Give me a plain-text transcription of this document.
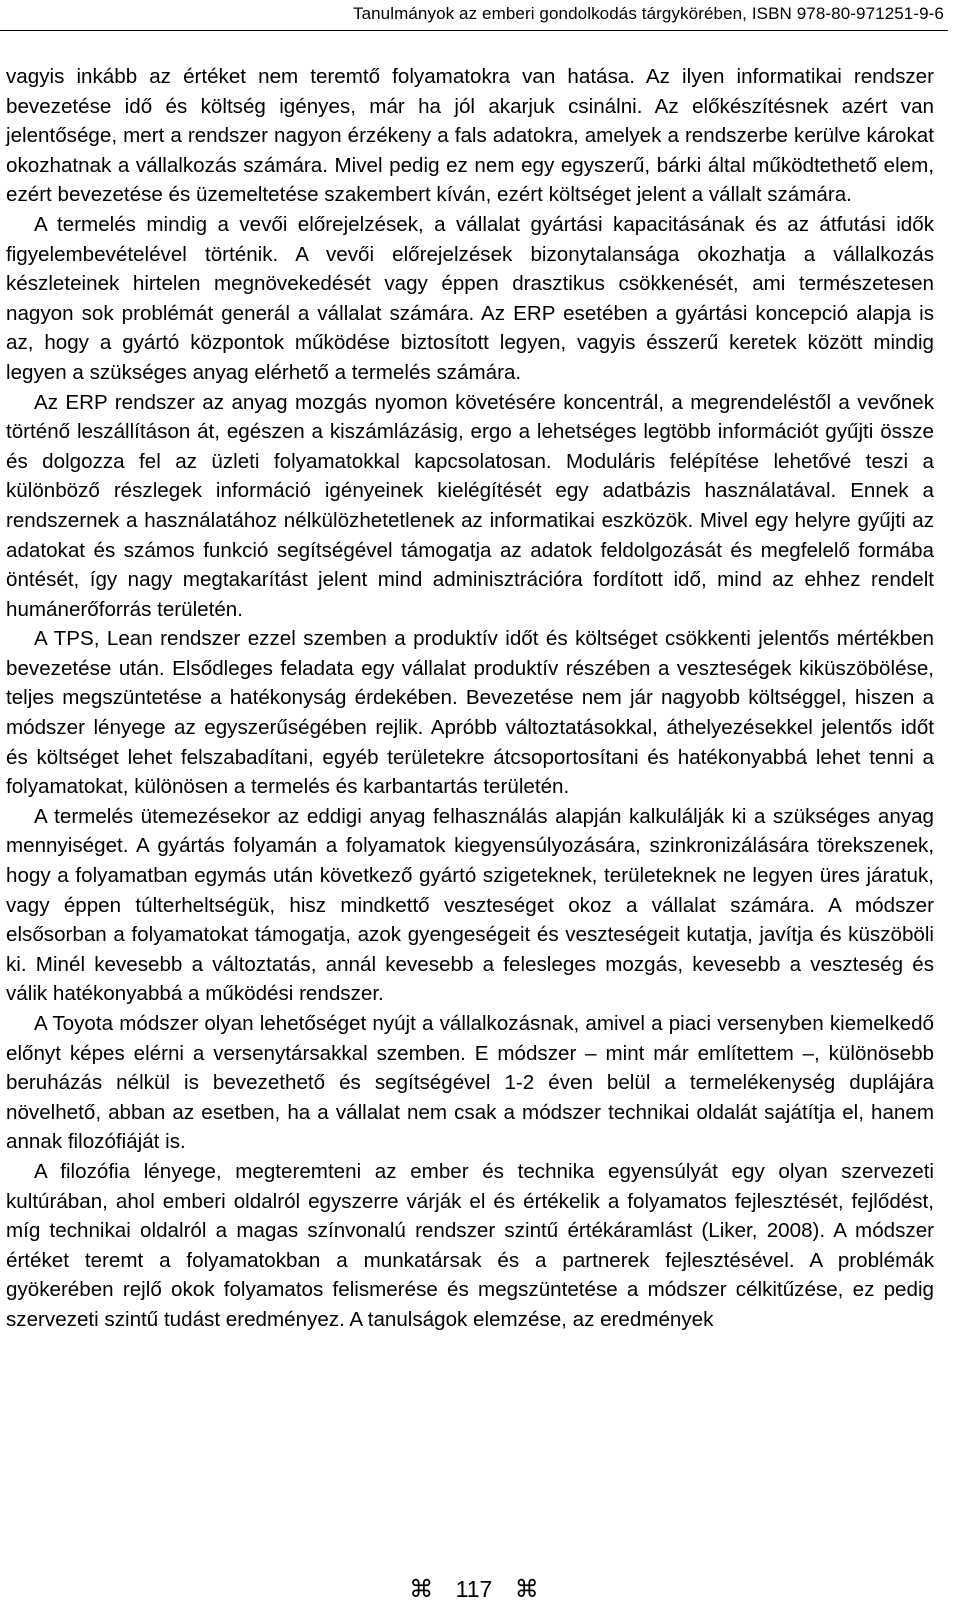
Tanulmányok az emberi gondolkodás tárgykörében, ISBN 978-80-971251-9-6

vagyis inkább az értéket nem teremtő folyamatokra van hatása. Az ilyen informatikai rendszer bevezetése idő és költség igényes, már ha jól akarjuk csinálni. Az előkészítésnek azért van jelentősége, mert a rendszer nagyon érzékeny a fals adatokra, amelyek a rendszerbe kerülve károkat okozhatnak a vállalkozás számára. Mivel pedig ez nem egy egyszerű, bárki által működtethető elem, ezért bevezetése és üzemeltetése szakembert kíván, ezért költséget jelent a vállalt számára.

A termelés mindig a vevői előrejelzések, a vállalat gyártási kapacitásának és az átfutási idők figyelembevételével történik. A vevői előrejelzések bizonytalansága okozhatja a vállalkozás készleteinek hirtelen megnövekedését vagy éppen drasztikus csökkenését, ami természetesen nagyon sok problémát generál a vállalat számára. Az ERP esetében a gyártási koncepció alapja is az, hogy a gyártó központok működése biztosított legyen, vagyis ésszerű keretek között mindig legyen a szükséges anyag elérhető a termelés számára.

Az ERP rendszer az anyag mozgás nyomon követésére koncentrál, a megrendeléstől a vevőnek történő leszállításon át, egészen a kiszámlázásig, ergo a lehetséges legtöbb információt gyűjti össze és dolgozza fel az üzleti folyamatokkal kapcsolatosan. Moduláris felépítése lehetővé teszi a különböző részlegek információ igényeinek kielégítését egy adatbázis használatával. Ennek a rendszernek a használatához nélkülözhetetlenek az informatikai eszközök. Mivel egy helyre gyűjti az adatokat és számos funkció segítségével támogatja az adatok feldolgozását és megfelelő formába öntését, így nagy megtakarítást jelent mind adminisztrációra fordított idő, mind az ehhez rendelt humánerőforrás területén.

A TPS, Lean rendszer ezzel szemben a produktív időt és költséget csökkenti jelentős mértékben bevezetése után. Elsődleges feladata egy vállalat produktív részében a veszteségek kiküszöbölése, teljes megszüntetése a hatékonyság érdekében. Bevezetése nem jár nagyobb költséggel, hiszen a módszer lényege az egyszerűségében rejlik. Apróbb változtatásokkal, áthelyezésekkel jelentős időt és költséget lehet felszabadítani, egyéb területekre átcsoportosítani és hatékonyabbá lehet tenni a folyamatokat, különösen a termelés és karbantartás területén.

A termelés ütemezésekor az eddigi anyag felhasználás alapján kalkulálják ki a szükséges anyag mennyiséget. A gyártás folyamán a folyamatok kiegyensúlyozására, szinkronizálására törekszenek, hogy a folyamatban egymás után következő gyártó szigeteknek, területeknek ne legyen üres járatuk, vagy éppen túlterheltségük, hisz mindkettő veszteséget okoz a vállalat számára. A módszer elsősorban a folyamatokat támogatja, azok gyengeségeit és veszteségeit kutatja, javítja és küszöböli ki. Minél kevesebb a változtatás, annál kevesebb a felesleges mozgás, kevesebb a veszteség és válik hatékonyabbá a működési rendszer.

A Toyota módszer olyan lehetőséget nyújt a vállalkozásnak, amivel a piaci versenyben kiemelkedő előnyt képes elérni a versenytársakkal szemben. E módszer – mint már említettem –, különösebb beruházás nélkül is bevezethető és segítségével 1-2 éven belül a termelékenység duplájára növelhető, abban az esetben, ha a vállalat nem csak a módszer technikai oldalát sajátítja el, hanem annak filozófiáját is.

A filozófia lényege, megteremteni az ember és technika egyensúlyát egy olyan szervezeti kultúrában, ahol emberi oldalról egyszerre várják el és értékelik a folyamatos fejlesztését, fejlődést, míg technikai oldalról a magas színvonalú rendszer szintű értékáramlást (Liker, 2008). A módszer értéket teremt a folyamatokban a munkatársak és a partnerek fejlesztésével. A problémák gyökerében rejlő okok folyamatos felismerése és megszüntetése a módszer célkitűzése, ez pedig szervezeti szintű tudást eredményez. A tanulságok elemzése, az eredmények

⌘ 117 ⌘
